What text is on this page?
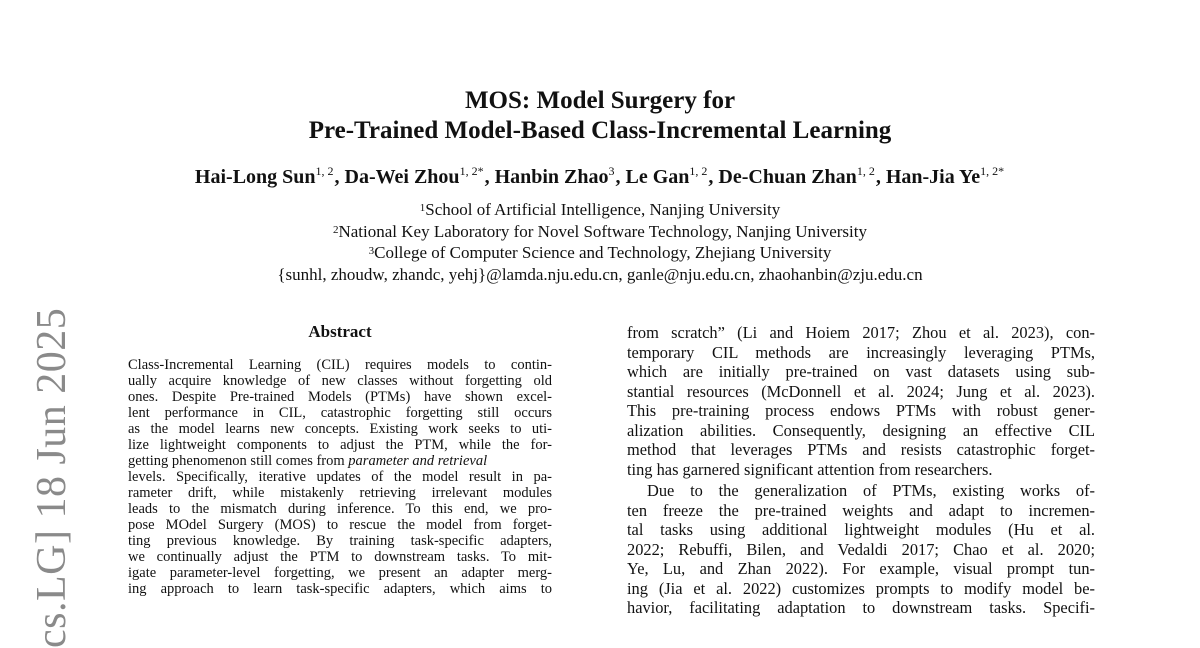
cs.LG] 18 Jun 2025
MOS: Model Surgery for
Pre-Trained Model-Based Class-Incremental Learning
Hai-Long Sun$^{1, 2}$, Da-Wei Zhou$^{1, 2*}$, Hanbin Zhao$^3$, Le Gan$^{1, 2}$, De-Chuan Zhan$^{1, 2}$, Han-Jia $Ye^{1, 2*}$
$^1$School of Artificial Intelligence, Nanjing University
$^2$National Key Laboratory for Novel Software Technology, Nanjing University
$^3$College of Computer Science and Technology, Zhejiang University
{sunhl, zhoudw, zhandc, yehj}@lamda.nju.edu.cn, ganle@nju.edu.cn, zhaohanbin@zju.edu.cn
Abstract
Class-Incremental Learning (CIL) requires models to contin-
ually acquire knowledge of new classes without forgetting old
ones. Despite Pre-trained Models (PTMs) have shown excel-
lent performance in CIL, catastrophic forgetting still occurs
as the model learns new concepts. Existing work seeks to uti-
lize lightweight components to adjust the PTM, while the for-
getting phenomenon still comes from parameter and retrieval
levels. Specifically, iterative updates of the model result in pa-
rameter drift, while mistakenly retrieving irrelevant modules
leads to the mismatch during inference. To this end, we pro-
pose MOdel Surgery (MOS) to rescue the model from forget-
ting previous knowledge. By training task-specific adapters,
we continually adjust the PTM to downstream tasks. To mit-
igate parameter-level forgetting, we present an adapter merg-
ing approach to learn task-specific adapters, which aims to
from scratch” (Li and Hoiem 2017; Zhou et al. 2023), con-
temporary CIL methods are increasingly leveraging PTMs,
which are initially pre-trained on vast datasets using sub-
stantial resources (McDonnell et al. 2024; Jung et al. 2023).
This pre-training process endows PTMs with robust gener-
alization abilities. Consequently, designing an effective CIL
method that leverages PTMs and resists catastrophic forget-
ting has garnered significant attention from researchers.
Due to the generalization of PTMs, existing works of-
ten freeze the pre-trained weights and adapt to incremen-
tal tasks using additional lightweight modules (Hu et al.
2022; Rebuffi, Bilen, and Vedaldi 2017; Chao et al. 2020;
Ye, Lu, and Zhan 2022). For example, visual prompt tun-
ing (Jia et al. 2022) customizes prompts to modify model be-
havior, facilitating adaptation to downstream tasks. Specifi-
